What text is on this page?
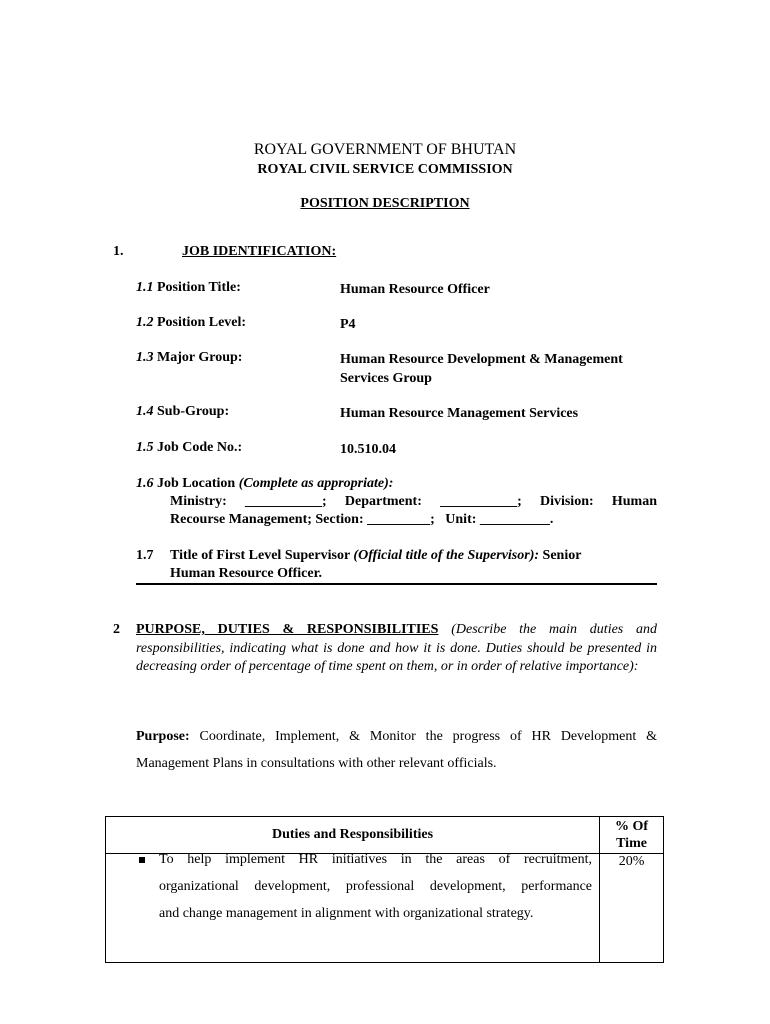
ROYAL GOVERNMENT OF BHUTAN
ROYAL CIVIL SERVICE COMMISSION
POSITION DESCRIPTION
1.	JOB IDENTIFICATION:
1.1 Position Title:	Human Resource Officer
1.2 Position Level:	P4
1.3 Major Group:	Human Resource Development & Management Services Group
1.4 Sub-Group:	Human Resource Management Services
1.5 Job Code No.:	10.510.04
1.6 Job Location (Complete as appropriate):
Ministry: ___________; Department: ___________; Division: Human
Recourse Management; Section: _________;   Unit: __________.
1.7 Title of First Level Supervisor (Official title of the Supervisor): Senior
Human Resource Officer.
2 PURPOSE, DUTIES & RESPONSIBILITIES (Describe the main duties and
responsibilities, indicating what is done and how it is done. Duties should be presented in decreasing order of percentage of time spent on them, or in order of relative importance):
Purpose: Coordinate, Implement, & Monitor the progress of HR Development &
Management Plans in consultations with other relevant officials.
Duties and Responsibilities	% Of
Time

To help implement HR initiatives in the areas of recruitment,
organizational development, professional development, performance
and change management in alignment with organizational strategy.	20%
